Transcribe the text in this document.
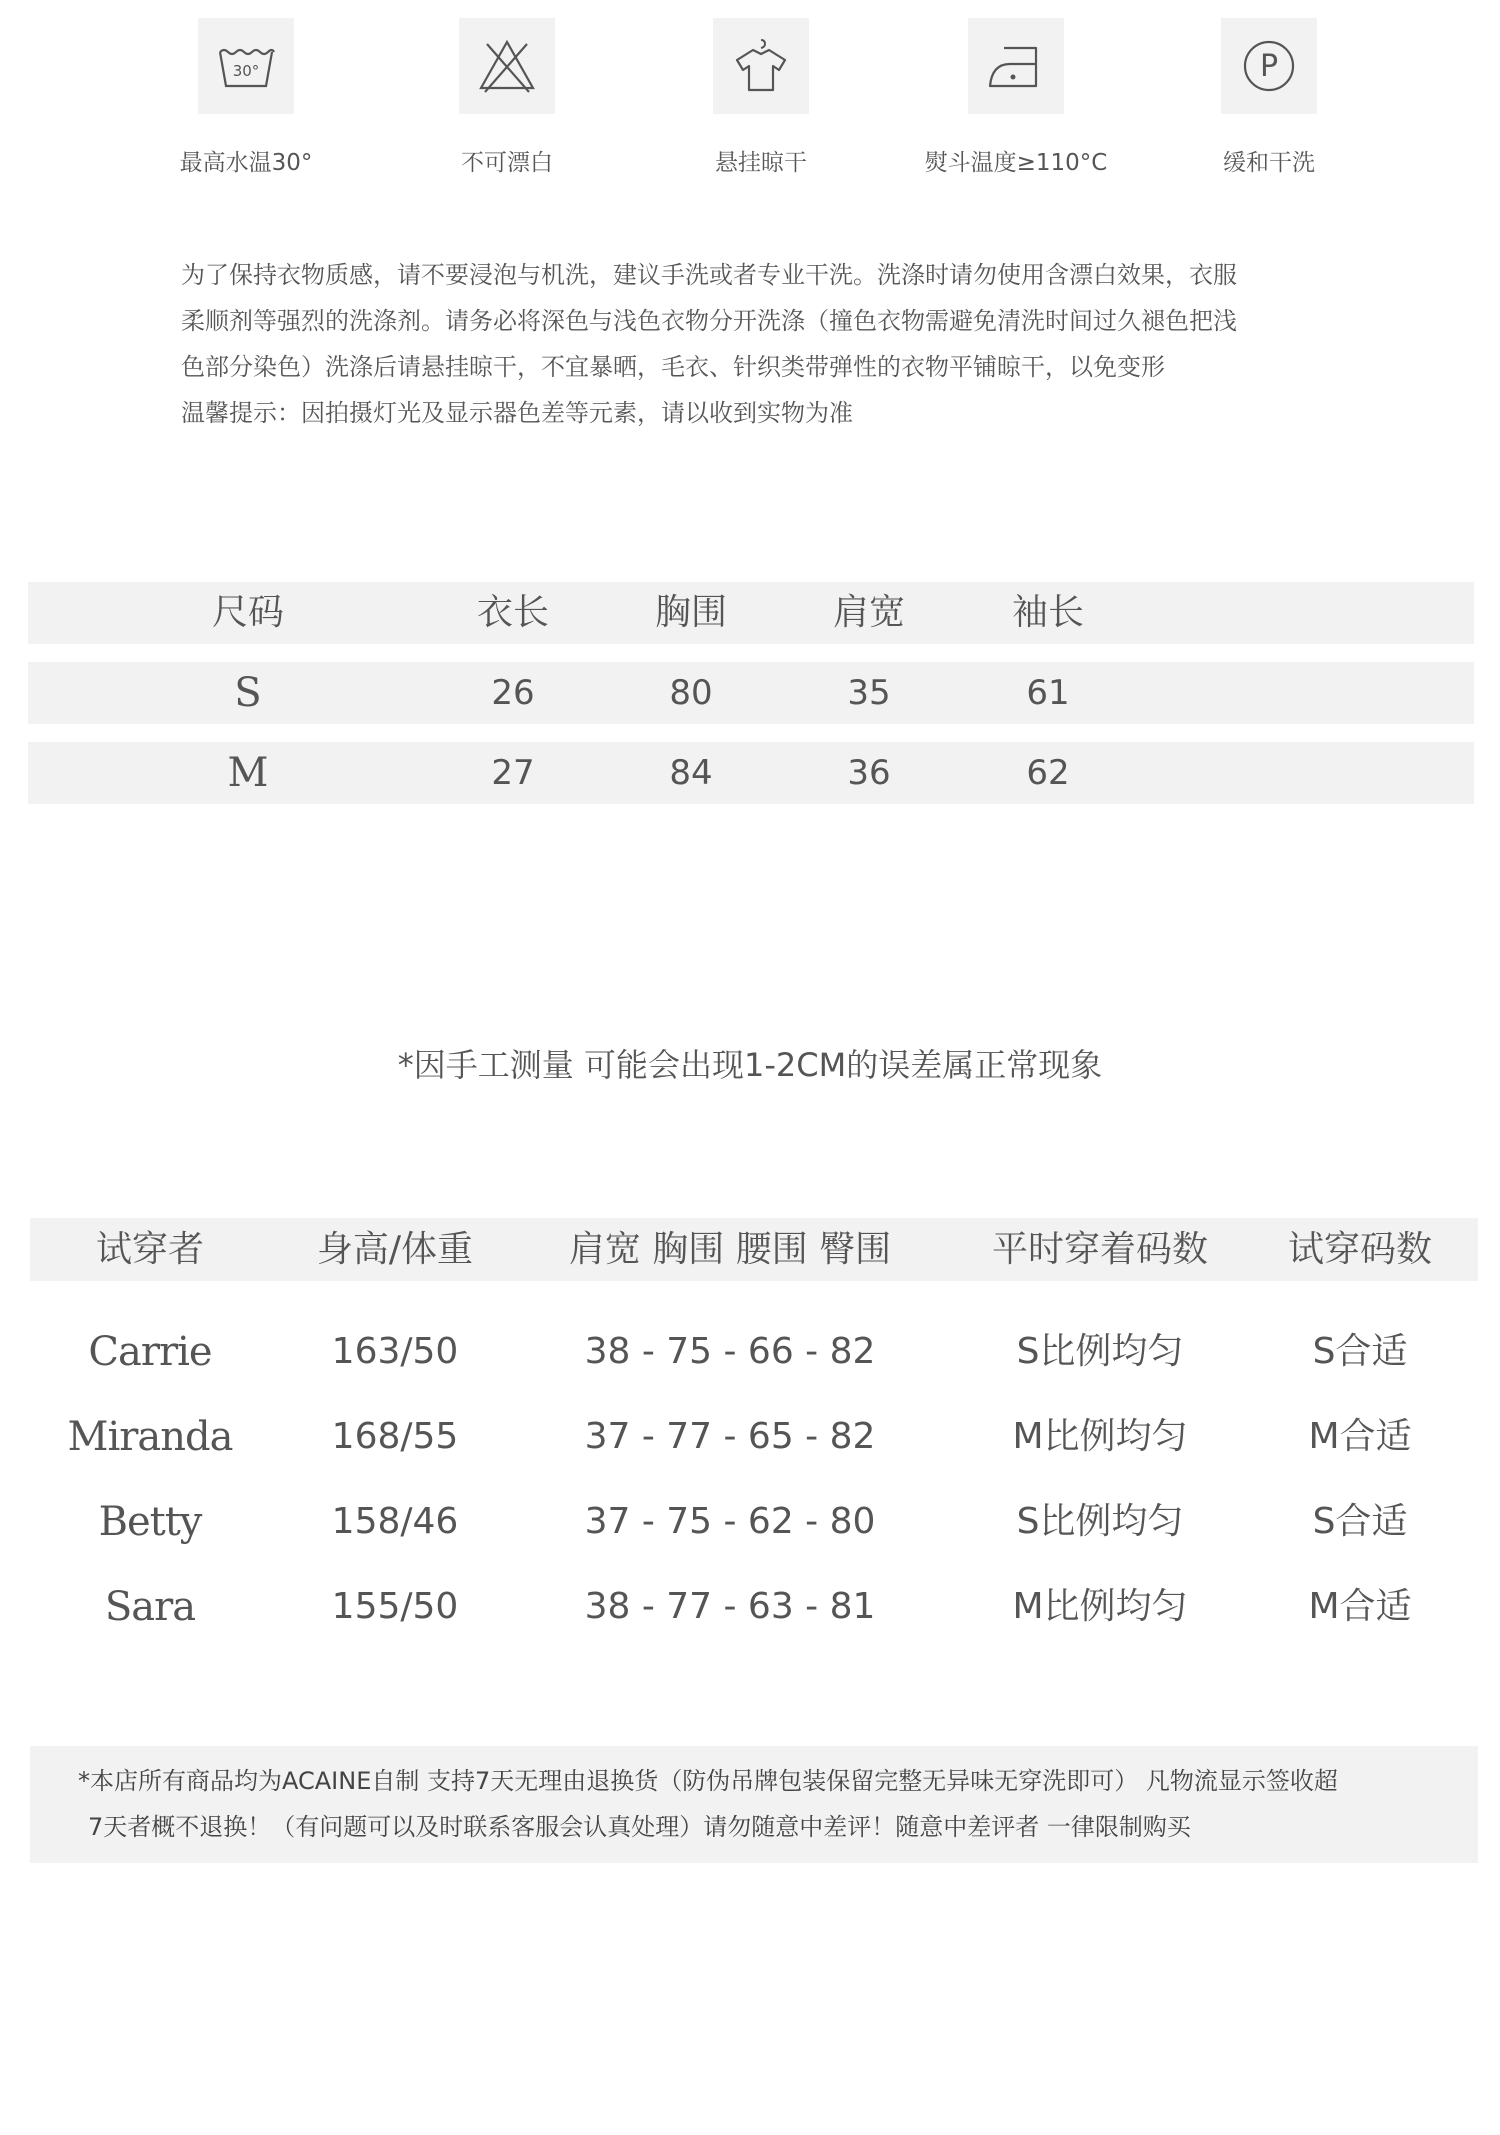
30°
最高水温30°	不可漂白	悬挂晾干	熨斗温度≥110°C
P
缓和干洗

为了保持衣物质感，请不要浸泡与机洗，建议手洗或者专业干洗。洗涤时请勿使用含漂白效果，衣服

柔顺剂等强烈的洗涤剂。请务必将深色与浅色衣物分开洗涤（撞色衣物需避免清洗时间过久褪色把浅

色部分染色）洗涤后请悬挂晾干，不宜暴晒，毛衣、针织类带弹性的衣物平铺晾干，以免变形

温馨提示：因拍摄灯光及显示器色差等元素，请以收到实物为准

尺码	衣长	胸围	肩宽	袖长
S	26	80	35	61
M	27	84	36	62
*因手工测量 可能会出现1-2CM的误差属正常现象
试穿者	身高/体重	肩宽 胸围 腰围 臀围	平时穿着码数	试穿码数
Carrie	163/50	38 - 75 - 66 - 82	S比例均匀	S合适
Miranda	168/55	37 - 77 - 65 - 82	M比例均匀	M合适
Betty	158/46	37 - 75 - 62 - 80	S比例均匀	S合适
Sara	155/50	38 - 77 - 63 - 81	M比例均匀	M合适

*本店所有商品均为ACAINE自制 支持7天无理由退换货（防伪吊牌包装保留完整无异味无穿洗即可） 凡物流显示签收超

7天者概不退换！（有问题可以及时联系客服会认真处理）请勿随意中差评！随意中差评者 一律限制购买
